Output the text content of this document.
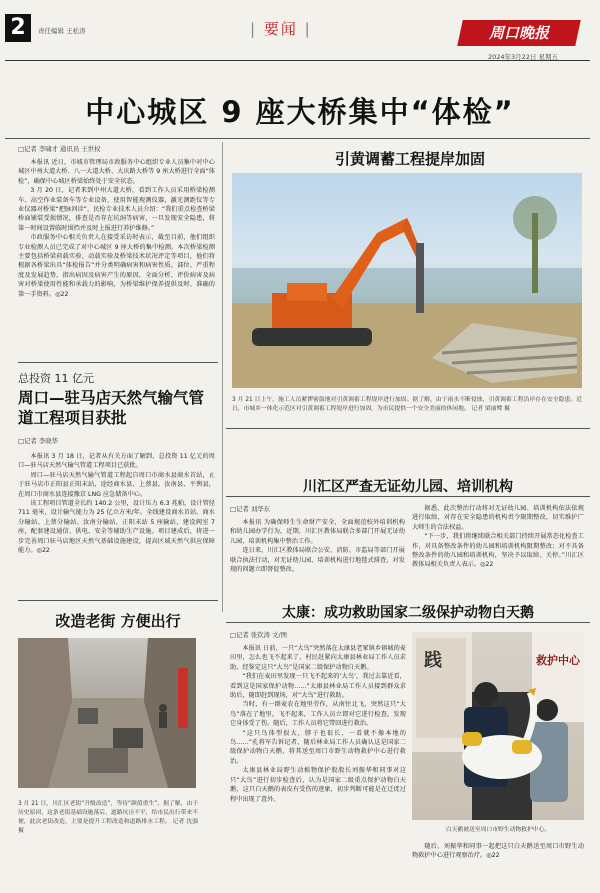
2	责任编辑 王松涛	| 要闻 |	周口晚报
2024年3月22日 星期五
中心城区 9 座大桥集中“体检”
□记者 李啸才 通讯员 王世权

本报讯 近日，市城市管理局市政服务中心组织专业人员集中对中心城区中州大道大桥、八一大道大桥、大庆路大桥等 9 座大桥进行全面“体检”，确保中心城区桥梁始终处于安全状态。

3 月 20 日，记者来到中州大道大桥，看到工作人员采用桥梁检测车、高空作业装备车等专业设备，使用智能观测仪器，激光测距仪等专业仪器对桥梁“把脉问诊”，民检专业技术人员介绍：“我们重点检查桥梁桥面铺装受损情况，排查是否存在坑洞等病害，一旦发现安全隐患，将第一时间设置临时围挡并及时上报进行养护维修。”

市政服务中心相关负责人在接受采访时表示，截至目前，他们组织专业检测人员已完成了对中心城区 9 座大桥的集中检测。本次桥梁检测主要包括桥梁荷载实验、动载实验及桥梁技术状况评定等项目，他们将根据各桥梁出具“体检报告”并分类明确病害和病害性质、部位、严重程度及发展趋势，指出病因及病害产生的原因，全面分析、评价病害及病害对桥梁使用性能和承载力的影响，为桥梁维护保养提供及时、准确的第一手资料。◎22

引黄调蓄工程提岸加固
3 月 21 日上午，施工人员紧锣密鼓地对引黄调蓄工程堤岸进行加固。据了解，由于雨水不断侵蚀，引黄调蓄工程沿岸存在安全隐患。近日，市城乡一体化示范区对引黄调蓄工程堤岸进行加固，为市民提供一个安全美丽的休闲地。 记者 梁丽鹭 摄
总投资 11 亿元
周口—驻马店天然气输气管道工程项目获批
□记者 李晓华

本报讯 3 月 18 日，记者从有关方面了解到，总投资 11 亿元的周口—驻马店天然气输气管道工程项目已获批。

周口—驻马店天然气输气管道工程起自周口市商水县商水首站，止于驻马店市正阳县正阳末站，途经商水县、上蔡县、汝南县、平舆县，在周口市商水县连接豫京 LNG 应急储备中心。

该工程项目管道全长约 140.2 公里，设计压力 6.3 兆帕，设计管径 711 毫米，设计输气能力为 25 亿立方米/年。全线建设商水首站、商水分输站、上蔡分输站、汝南分输站、正阳末站 5 座输站，建设阀室 7 座，配套建设通信、供电、安全等辅助生产设施。项目建成后，将进一步完善周口驻马店地区天然气基础设施建设，提高区域天然气供应保障能力。◎22

川汇区严查无证幼儿园、培训机构
□记者 刘华东

本报讯 为确保师生生命财产安全，全面规范校外培训机构和幼儿园办学行为，近期，川汇区教体局联合多部门开展无证幼儿园、培训机构集中整治工作。

连日来，川汇区教体局联合公安、消防、市监局等部门开展联合执法行动，对无证幼儿园、培训机构进行地毯式排查，对发现的问题立即督促整改。

据悉，此次整治行动将对无证幼儿园、培训机构依法依规进行取缔，对存在安全隐患的机构责令限期整改，切实维护广大师生的合法权益。

“下一步，我们将继续联合相关部门持续开展常态化检查工作，对具备整改条件的幼儿园和培训机构限期整改；对不具备整改条件的幼儿园和培训机构，坚决予以取缔、关停。”川汇区教体局相关负责人表示。◎22

改造老街 方便出行
3 月 21 日，川汇区老街“升级改造”，等待“颜值重生”。据了解，由于历史原因，这条老街基础设施落后，道路坑洼不平，给市民出行带来不便，此次老街改造，主要是提升工程改造和道路排水工程。 记者 沈强 摄
太康：成功救助国家二级保护动物白天鹅
□记者 张钦涛 文/图

本报讯 日前，一只“大鸟”突然落在太康县老冢镇乡镇城的麦田里，怎么也飞不起来了，村民赶紧向太康县林业局工作人员求助，经鉴定这只“大鸟”是国家二级保护动物白天鹅。

“我们在麦田里发现一只飞不起来的‘大鸟’，我过去靠近看，看到这是国家保护动物……”太康县林业局工作人员接到群众求助后，随即赶到现场，对“大鸟”进行救助。

当时，有一群麦农在地里劳作，从南往北飞，突然这只“大鸟”落在了地里，飞不起来，工作人员立即对它进行检查，发现它身体受了伤。随后，工作人员将它带回进行救治。

“这只鸟体型很大，脖子也很长，一看就不像本地的鸟……”孔将军告诉记者，随后林业局工作人员确认这是国家二级保护动物白天鹅，将其送至周口市野生动物救护中心进行救治。

太康县林业局野生动植物保护股股长刘振华和同事对这只“大鸟”进行初步检查后，认为是国家二级重点保护动物白天鹅，这只白天鹅的表皮有受伤的迹象，初步判断可能是在迁徙过程中出现了意外。

践	救护中心
白天鹅被送至周口市野生动物救护中心。

随后，刘振华和同事一起把这只白天鹅送至周口市野生动物救护中心进行观察治疗。◎22
